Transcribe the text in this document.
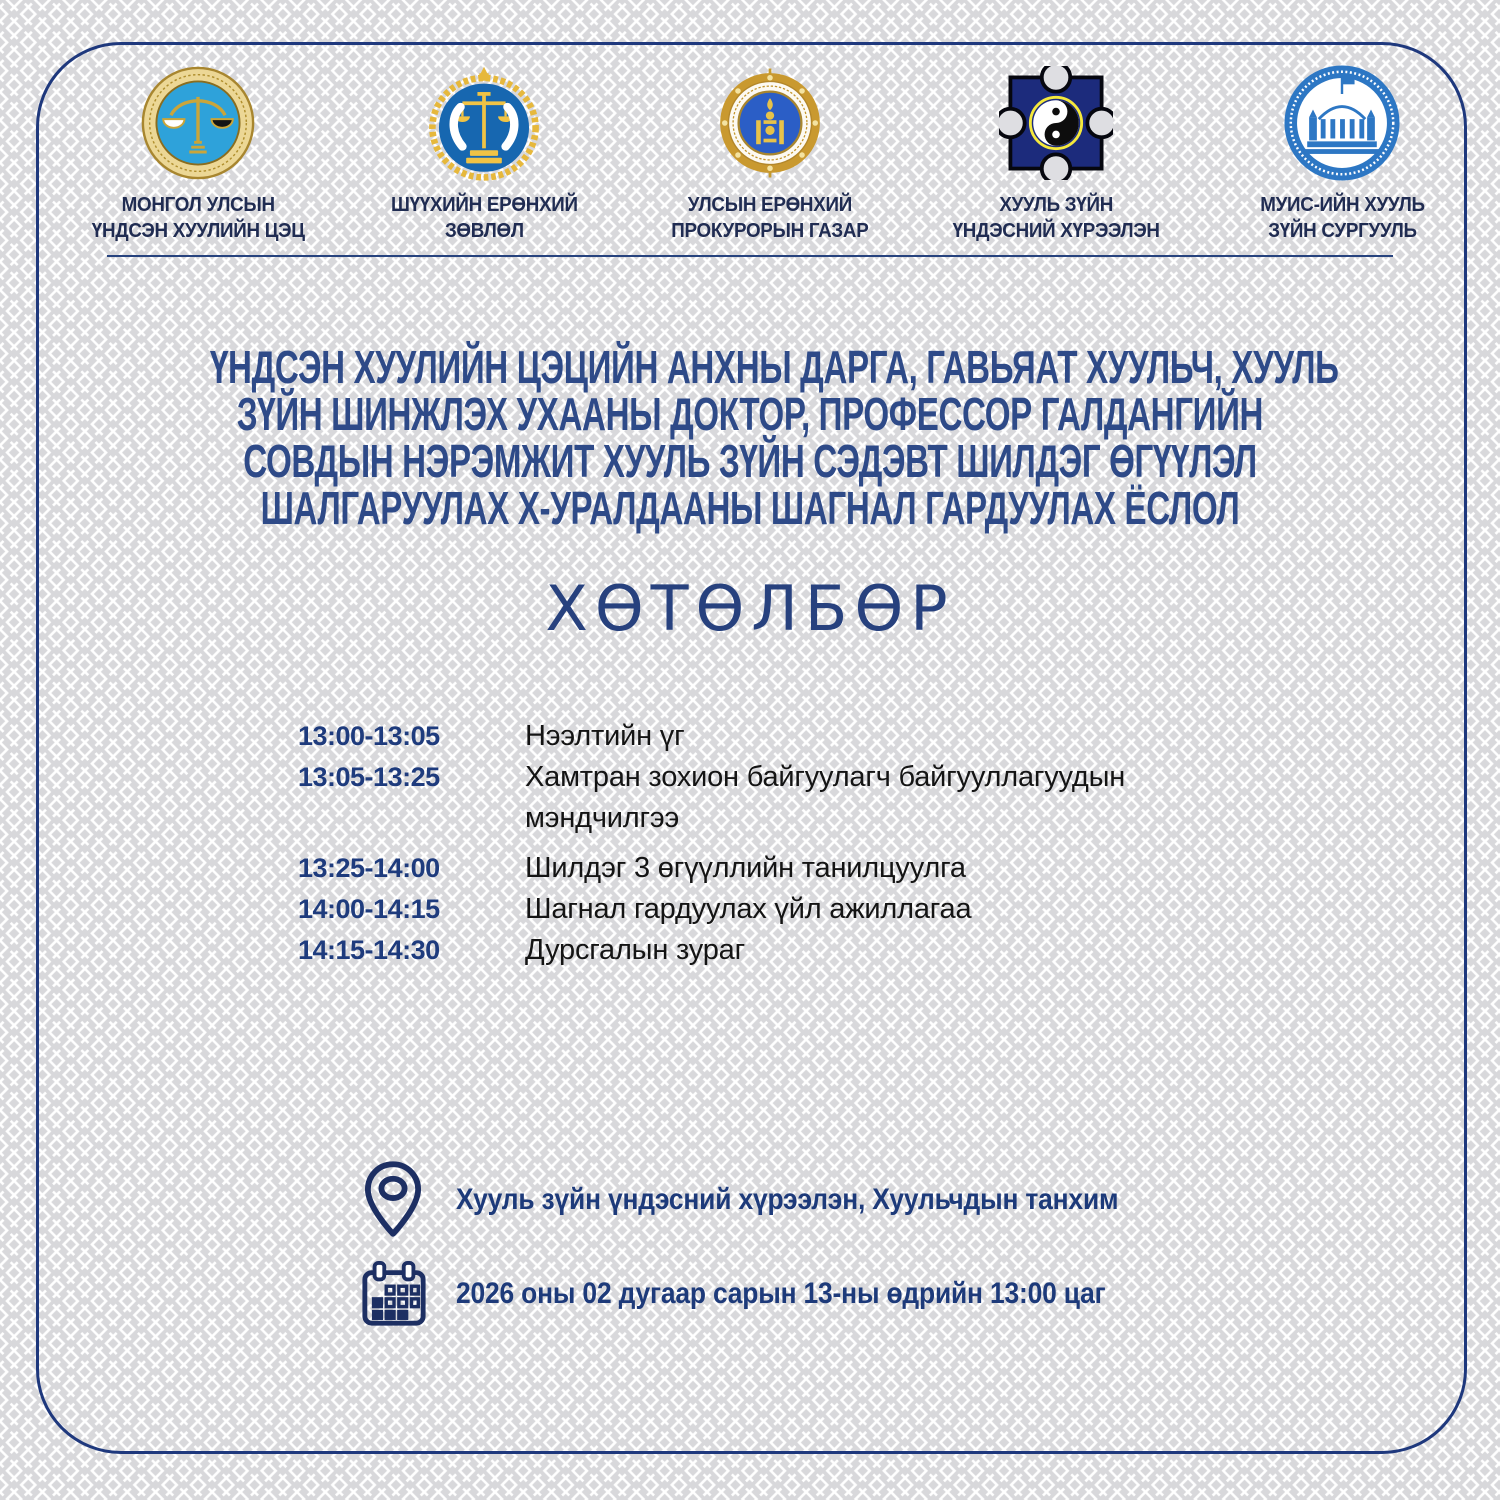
МОНГОЛ УЛСЫН
ҮНДСЭН ХУУЛИЙН ЦЭЦ
ШҮҮХИЙН ЕРӨНХИЙ
ЗӨВЛӨЛ
УЛСЫН ЕРӨНХИЙ
ПРОКУРОРЫН ГАЗАР
ХУУЛЬ ЗҮЙН
ҮНДЭСНИЙ ХҮРЭЭЛЭН
МУИС-ИЙН ХУУЛЬ
ЗҮЙН СУРГУУЛЬ
ҮНДСЭН ХУУЛИЙН ЦЭЦИЙН АНХНЫ ДАРГА, ГАВЬЯАТ ХУУЛЬЧ, ХУУЛЬ
ЗҮЙН ШИНЖЛЭХ УХААНЫ ДОКТОР, ПРОФЕССОР ГАЛДАНГИЙН
СОВДЫН НЭРЭМЖИТ ХУУЛЬ ЗҮЙН СЭДЭВТ ШИЛДЭГ ӨГҮҮЛЭЛ
ШАЛГАРУУЛАХ Х-УРАЛДААНЫ ШАГНАЛ ГАРДУУЛАХ ЁСЛОЛ
ХӨТӨЛБӨР
13:00-13:05	Нээлтийн үг
13:05-13:25	Хамтран зохион байгуулагч байгууллагуудын мэндчилгээ
13:25-14:00	Шилдэг 3 өгүүллийн танилцуулга
14:00-14:15	Шагнал гардуулах үйл ажиллагаа
14:15-14:30	Дурсгалын зураг
Хууль зүйн үндэсний хүрээлэн, Хуульчдын танхим
2026 оны 02 дугаар сарын 13-ны өдрийн 13:00 цаг
